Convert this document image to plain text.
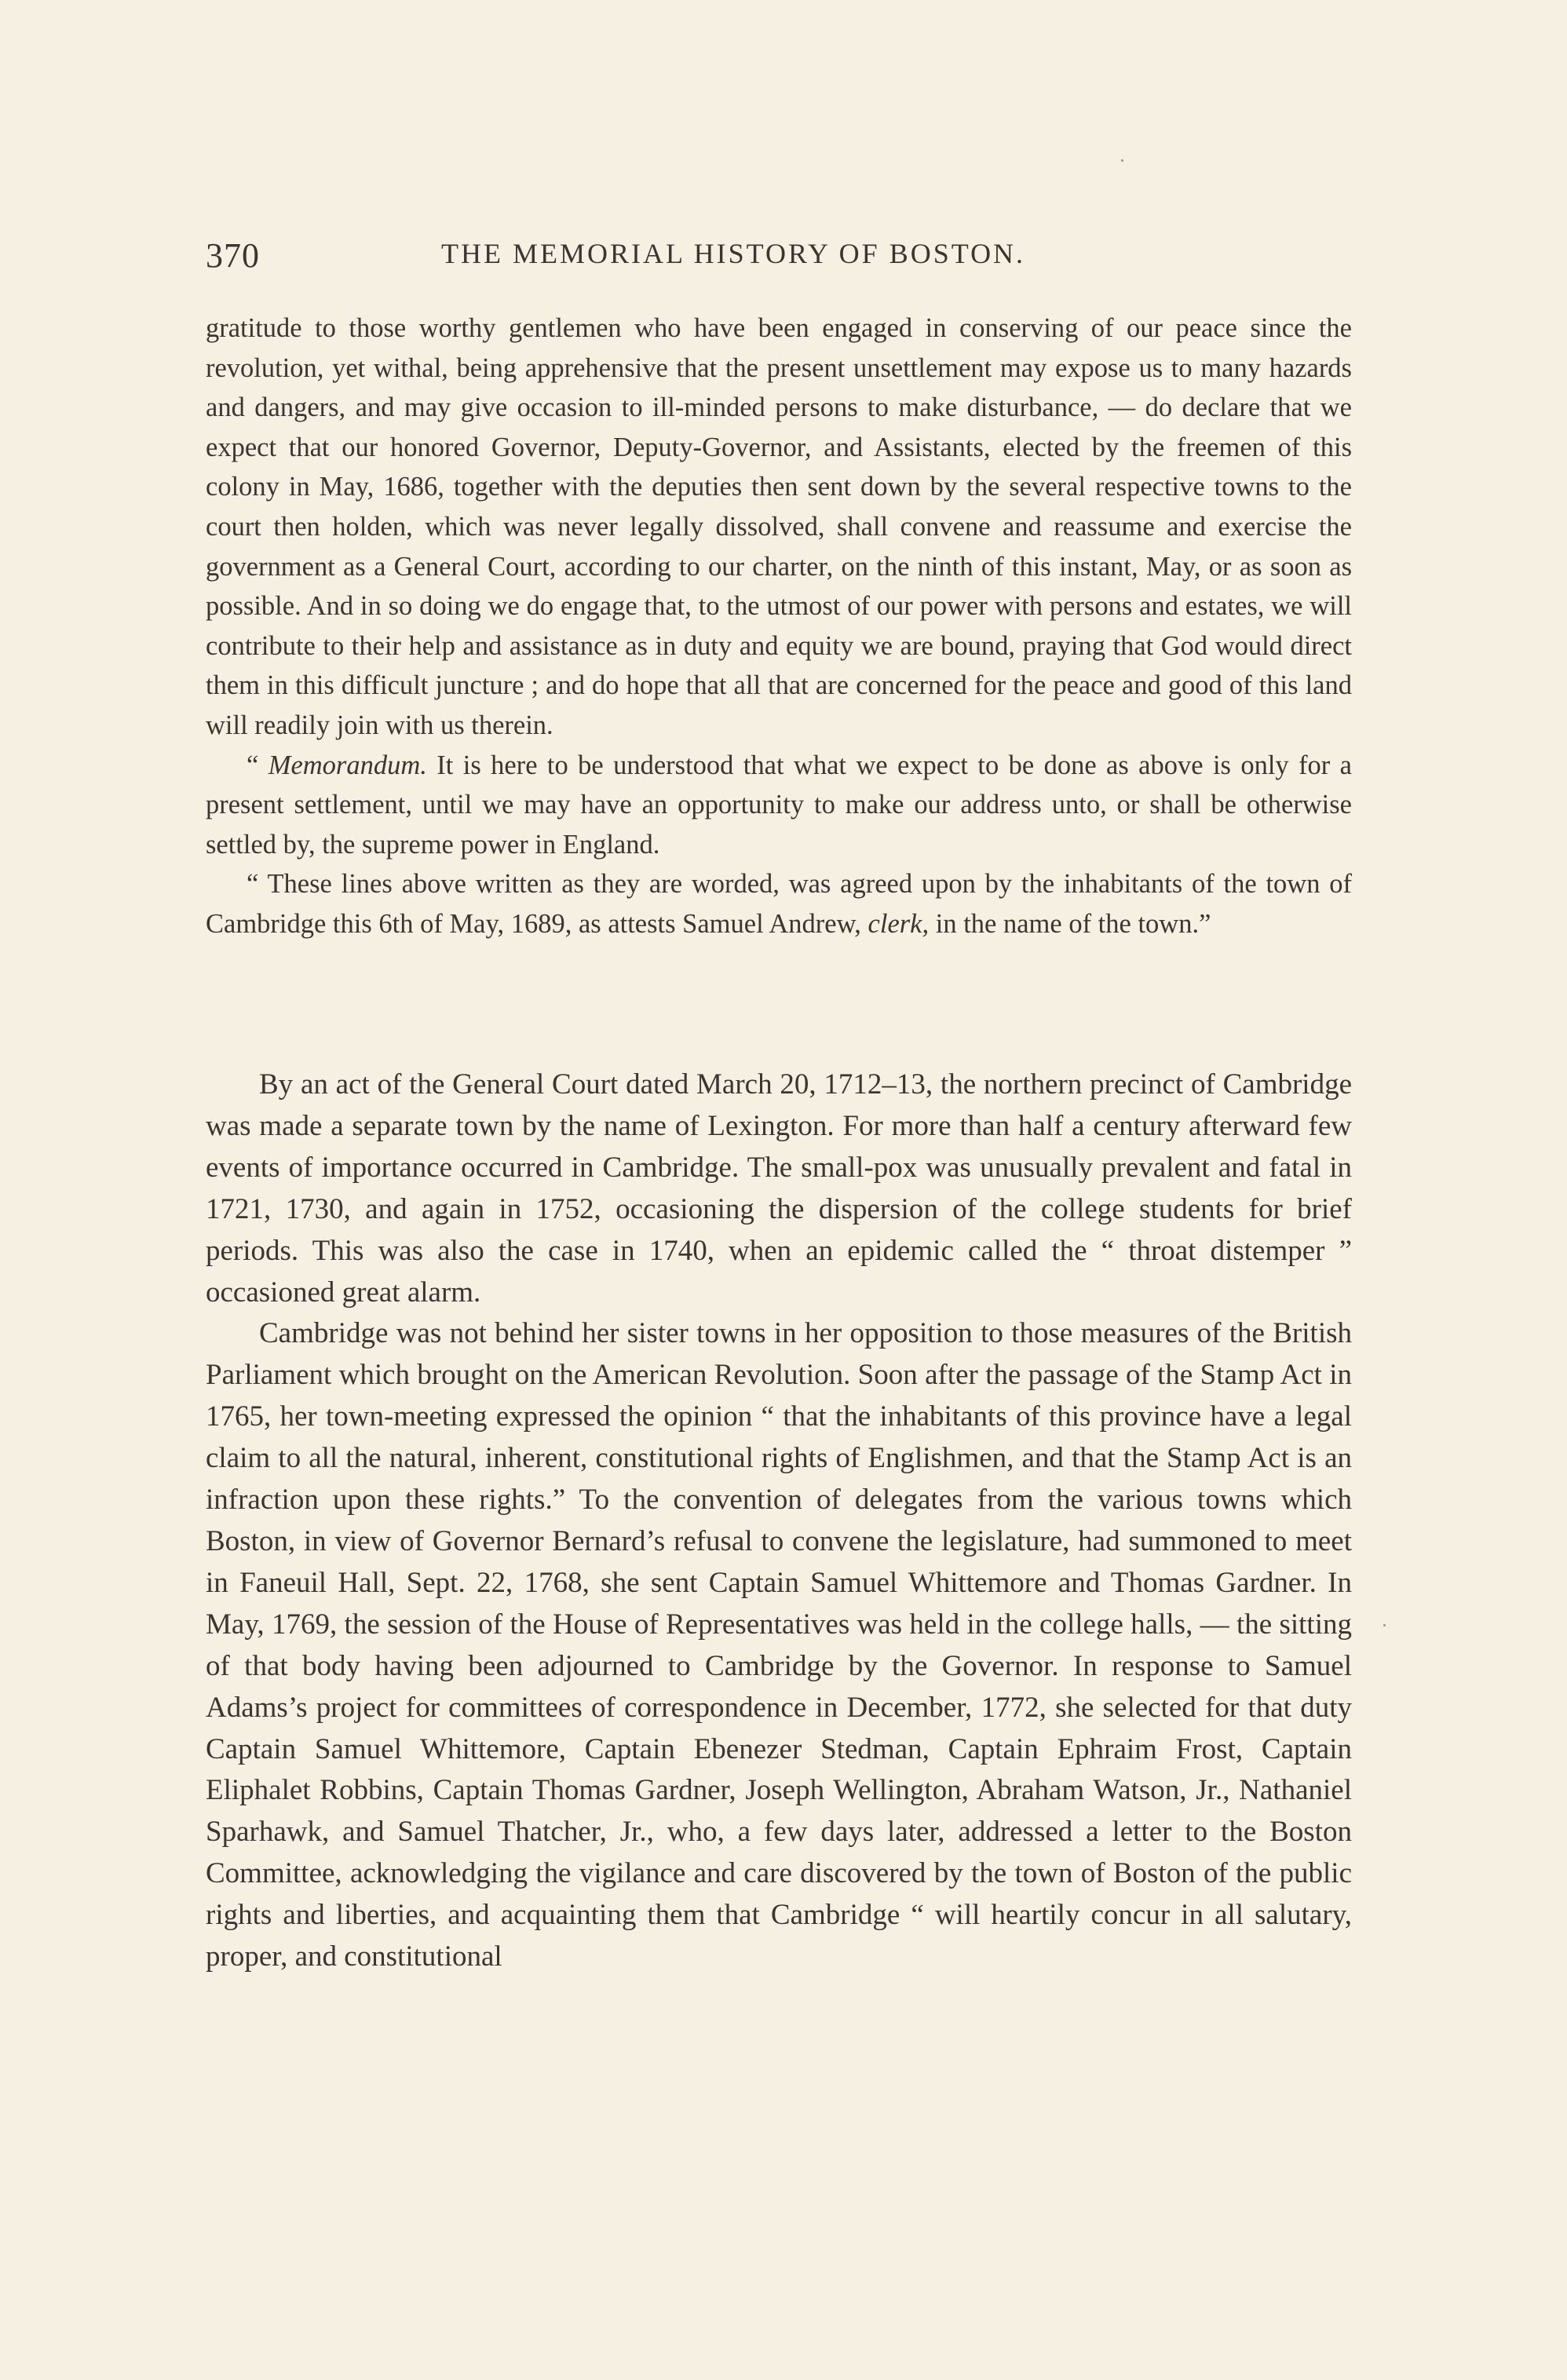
370	THE MEMORIAL HISTORY OF BOSTON.

gratitude to those worthy gentlemen who have been engaged in conserving of our peace since the revolution, yet withal, being apprehensive that the present unsettlement may expose us to many hazards and dangers, and may give occasion to ill-minded persons to make disturbance, — do declare that we expect that our honored Governor, Deputy-Governor, and Assistants, elected by the freemen of this colony in May, 1686, together with the deputies then sent down by the several respective towns to the court then holden, which was never legally dissolved, shall convene and reassume and exercise the government as a General Court, according to our charter, on the ninth of this instant, May, or as soon as possible. And in so doing we do engage that, to the utmost of our power with persons and estates, we will contribute to their help and assistance as in duty and equity we are bound, praying that God would direct them in this difficult juncture ; and do hope that all that are concerned for the peace and good of this land will readily join with us therein.

“ Memorandum. It is here to be understood that what we expect to be done as above is only for a present settlement, until we may have an opportunity to make our address unto, or shall be otherwise settled by, the supreme power in England.

“ These lines above written as they are worded, was agreed upon by the inhabitants of the town of Cambridge this 6th of May, 1689, as attests Samuel Andrew, clerk, in the name of the town.”

By an act of the General Court dated March 20, 1712–13, the northern precinct of Cambridge was made a separate town by the name of Lexington. For more than half a century afterward few events of importance occurred in Cambridge. The small-pox was unusually prevalent and fatal in 1721, 1730, and again in 1752, occasioning the dispersion of the college students for brief periods. This was also the case in 1740, when an epidemic called the “ throat distemper ” occasioned great alarm.

Cambridge was not behind her sister towns in her opposition to those measures of the British Parliament which brought on the American Revolution. Soon after the passage of the Stamp Act in 1765, her town-meeting expressed the opinion “ that the inhabitants of this province have a legal claim to all the natural, inherent, constitutional rights of Englishmen, and that the Stamp Act is an infraction upon these rights.” To the convention of delegates from the various towns which Boston, in view of Governor Bernard’s refusal to convene the legislature, had summoned to meet in Faneuil Hall, Sept. 22, 1768, she sent Captain Samuel Whittemore and Thomas Gardner. In May, 1769, the session of the House of Representatives was held in the college halls, — the sitting of that body having been adjourned to Cambridge by the Governor. In response to Samuel Adams’s project for committees of correspondence in December, 1772, she selected for that duty Captain Samuel Whittemore, Captain Ebenezer Stedman, Captain Ephraim Frost, Captain Eliphalet Robbins, Captain Thomas Gardner, Joseph Wellington, Abraham Watson, Jr., Nathaniel Sparhawk, and Samuel Thatcher, Jr., who, a few days later, addressed a letter to the Boston Committee, acknowledging the vigilance and care discovered by the town of Boston of the public rights and liberties, and acquainting them that Cambridge “ will heartily concur in all salutary, proper, and constitutional
